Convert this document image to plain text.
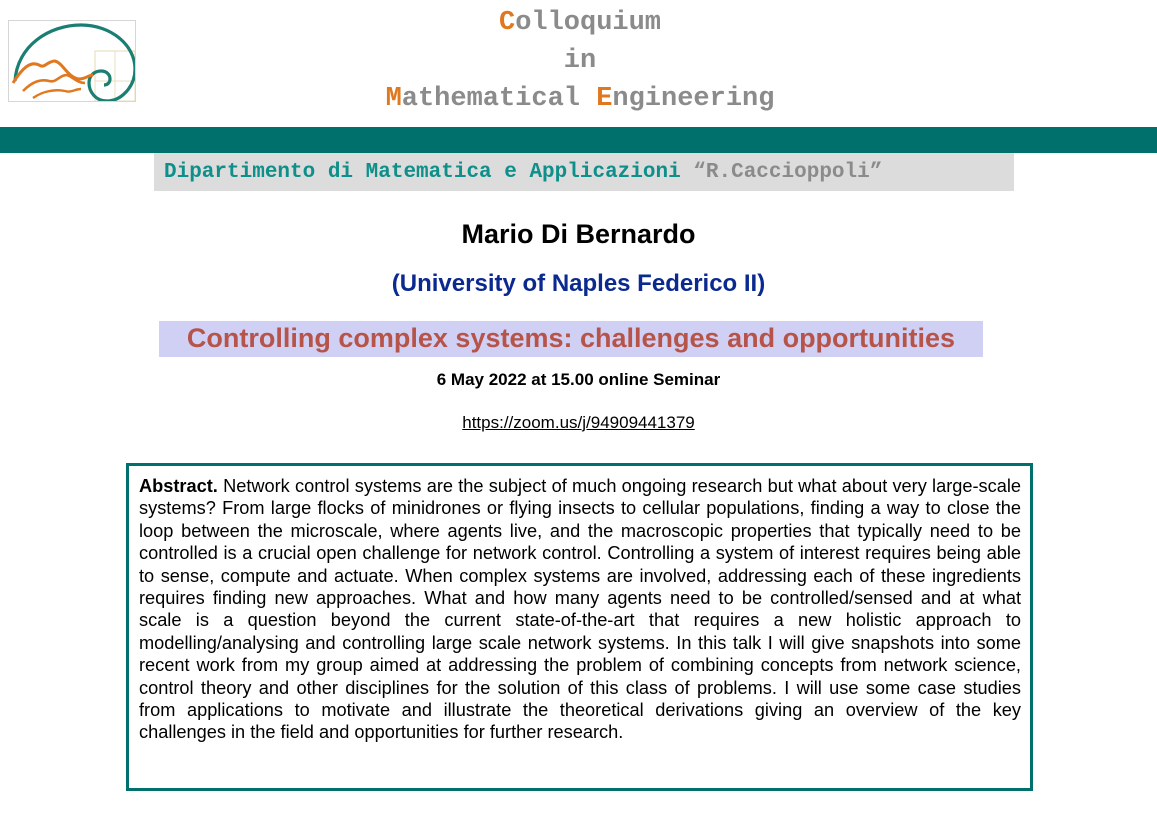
Colloquium
in
Mathematical Engineering
Dipartimento di Matematica e Applicazioni “R.Caccioppoli”
Mario Di Bernardo
(University of Naples Federico II)
Controlling complex systems: challenges and opportunities
6 May 2022 at 15.00 online Seminar
https://zoom.us/j/94909441379
Abstract. Network control systems are the subject of much ongoing research but what about very large-scale systems? From large flocks of minidrones or flying insects to cellular populations, finding a way to close the loop between the microscale, where agents live, and the macroscopic properties that typically need to be controlled is a crucial open challenge for network control. Controlling a system of interest requires being able to sense, compute and actuate. When complex systems are involved, addressing each of these ingredients requires finding new approaches. What and how many agents need to be controlled/sensed and at what scale is a question beyond the current state-of-the-art that requires a new holistic approach to modelling/analysing and controlling large scale network systems. In this talk I will give snapshots into some recent work from my group aimed at addressing the problem of combining concepts from network science, control theory and other disciplines for the solution of this class of problems. I will use some case studies from applications to motivate and illustrate the theoretical derivations giving an overview of the key challenges in the field and opportunities for further research.
